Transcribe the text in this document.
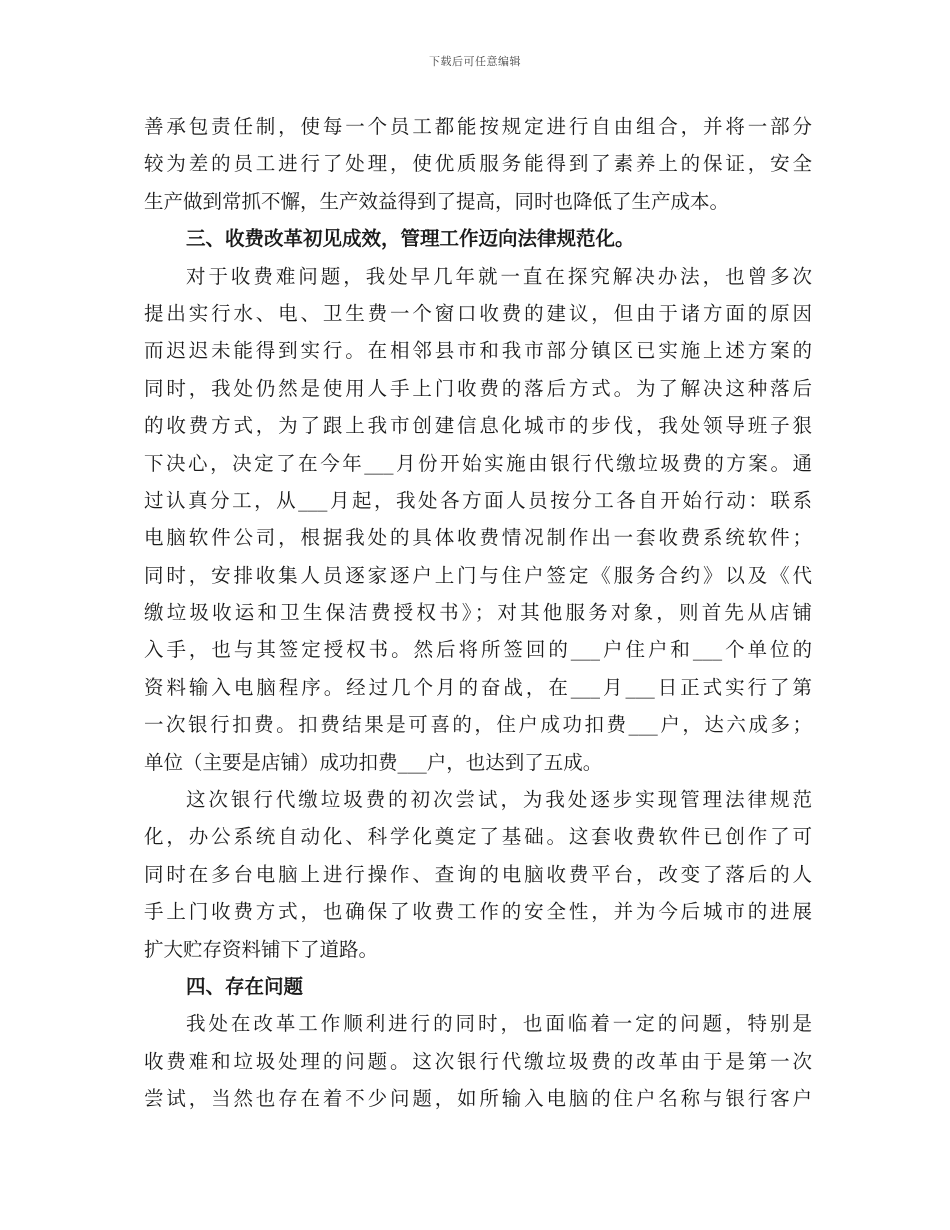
下载后可任意编辑
善承包责任制，使每一个员工都能按规定进行自由组合，并将一部分
较为差的员工进行了处理，使优质服务能得到了素养上的保证，安全
生产做到常抓不懈，生产效益得到了提高，同时也降低了生产成本。
三、收费改革初见成效，管理工作迈向法律规范化。
对于收费难问题，我处早几年就一直在探究解决办法，也曾多次
提出实行水、电、卫生费一个窗口收费的建议，但由于诸方面的原因
而迟迟未能得到实行。在相邻县市和我市部分镇区已实施上述方案的
同时，我处仍然是使用人手上门收费的落后方式。为了解决这种落后
的收费方式，为了跟上我市创建信息化城市的步伐，我处领导班子狠
下决心，决定了在今年___月份开始实施由银行代缴垃圾费的方案。通
过认真分工，从___月起，我处各方面人员按分工各自开始行动：联系
电脑软件公司，根据我处的具体收费情况制作出一套收费系统软件；
同时，安排收集人员逐家逐户上门与住户签定《服务合约》以及《代
缴垃圾收运和卫生保洁费授权书》；对其他服务对象，则首先从店铺
入手，也与其签定授权书。然后将所签回的___户住户和___个单位的
资料输入电脑程序。经过几个月的奋战，在___月___日正式实行了第
一次银行扣费。扣费结果是可喜的，住户成功扣费___户，达六成多；
单位（主要是店铺）成功扣费___户，也达到了五成。
这次银行代缴垃圾费的初次尝试，为我处逐步实现管理法律规范
化，办公系统自动化、科学化奠定了基础。这套收费软件已创作了可
同时在多台电脑上进行操作、查询的电脑收费平台，改变了落后的人
手上门收费方式，也确保了收费工作的安全性，并为今后城市的进展
扩大贮存资料铺下了道路。
四、存在问题
我处在改革工作顺利进行的同时，也面临着一定的问题，特别是
收费难和垃圾处理的问题。这次银行代缴垃圾费的改革由于是第一次
尝试，当然也存在着不少问题，如所输入电脑的住户名称与银行客户
